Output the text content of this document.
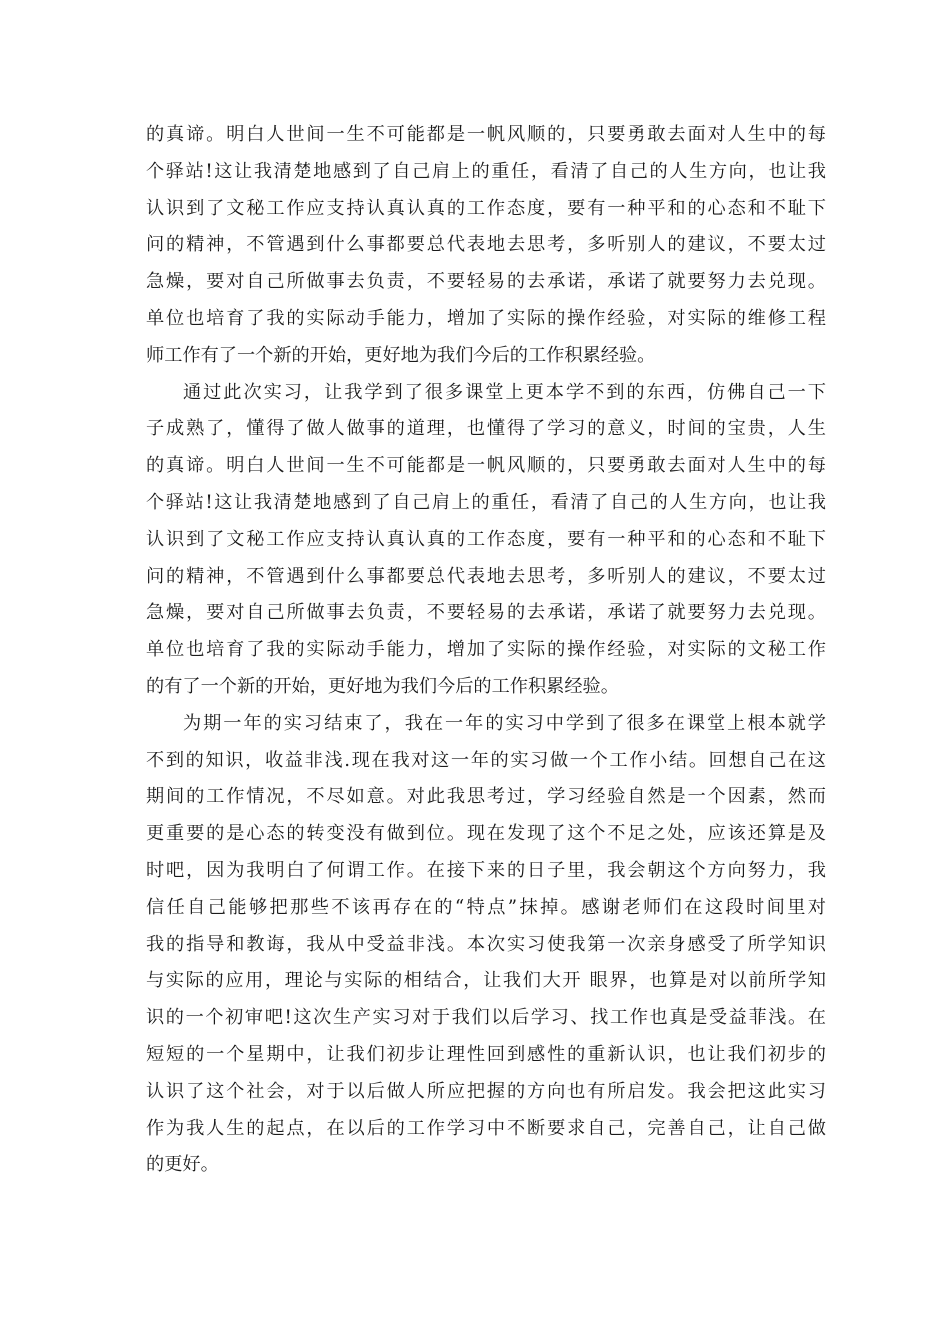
的真谛。明白人世间一生不可能都是一帆风顺的，只要勇敢去面对人生中的每
个驿站!这让我清楚地感到了自己肩上的重任，看清了自己的人生方向，也让我
认识到了文秘工作应支持认真认真的工作态度，要有一种平和的心态和不耻下
问的精神，不管遇到什么事都要总代表地去思考，多听别人的建议，不要太过
急燥，要对自己所做事去负责，不要轻易的去承诺，承诺了就要努力去兑现。
单位也培育了我的实际动手能力，增加了实际的操作经验，对实际的维修工程
师工作有了一个新的开始，更好地为我们今后的工作积累经验。
通过此次实习，让我学到了很多课堂上更本学不到的东西，仿佛自己一下
子成熟了，懂得了做人做事的道理，也懂得了学习的意义，时间的宝贵，人生
的真谛。明白人世间一生不可能都是一帆风顺的，只要勇敢去面对人生中的每
个驿站!这让我清楚地感到了自己肩上的重任，看清了自己的人生方向，也让我
认识到了文秘工作应支持认真认真的工作态度，要有一种平和的心态和不耻下
问的精神，不管遇到什么事都要总代表地去思考，多听别人的建议，不要太过
急燥，要对自己所做事去负责，不要轻易的去承诺，承诺了就要努力去兑现。
单位也培育了我的实际动手能力，增加了实际的操作经验，对实际的文秘工作
的有了一个新的开始，更好地为我们今后的工作积累经验。
为期一年的实习结束了，我在一年的实习中学到了很多在课堂上根本就学
不到的知识，收益非浅.现在我对这一年的实习做一个工作小结。回想自己在这
期间的工作情况，不尽如意。对此我思考过，学习经验自然是一个因素，然而
更重要的是心态的转变没有做到位。现在发现了这个不足之处，应该还算是及
时吧，因为我明白了何谓工作。在接下来的日子里，我会朝这个方向努力，我
信任自己能够把那些不该再存在的“特点”抹掉。感谢老师们在这段时间里对
我的指导和教诲，我从中受益非浅。本次实习使我第一次亲身感受了所学知识
与实际的应用，理论与实际的相结合，让我们大开 眼界，也算是对以前所学知
识的一个初审吧!这次生产实习对于我们以后学习、找工作也真是受益菲浅。在
短短的一个星期中，让我们初步让理性回到感性的重新认识，也让我们初步的
认识了这个社会，对于以后做人所应把握的方向也有所启发。我会把这此实习
作为我人生的起点，在以后的工作学习中不断要求自己，完善自己，让自己做
的更好。
